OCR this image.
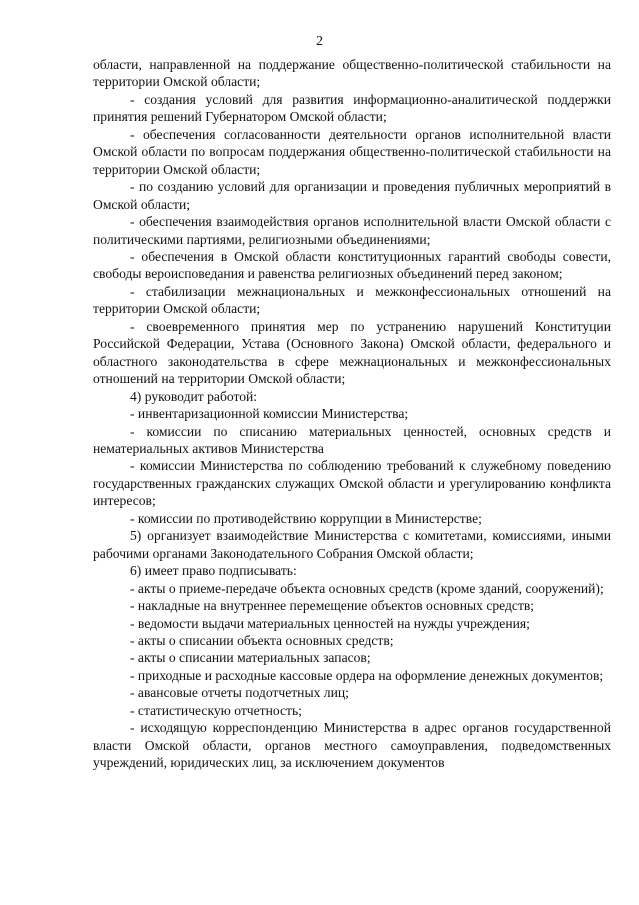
2

области, направленной на поддержание общественно-политической стабильности на территории Омской области;

- создания условий для развития информационно-аналитической поддержки принятия решений Губернатором Омской области;

- обеспечения согласованности деятельности органов исполнительной власти Омской области по вопросам поддержания общественно-политической стабильности на территории Омской области;

- по созданию условий для организации и проведения публичных мероприятий в Омской области;

- обеспечения взаимодействия органов исполнительной власти Омской области с политическими партиями, религиозными объединениями;

- обеспечения в Омской области конституционных гарантий свободы совести, свободы вероисповедания и равенства религиозных объединений перед законом;

- стабилизации межнациональных и межконфессиональных отношений на территории Омской области;

- своевременного принятия мер по устранению нарушений Конституции Российской Федерации, Устава (Основного Закона) Омской области, федерального и областного законодательства в сфере межнациональных и межконфессиональных отношений на территории Омской области;

4) руководит работой:

- инвентаризационной комиссии Министерства;

- комиссии по списанию материальных ценностей, основных средств и нематериальных активов Министерства

- комиссии Министерства по соблюдению требований к служебному поведению государственных гражданских служащих Омской области и урегулированию конфликта интересов;

- комиссии по противодействию коррупции в Министерстве;

5) организует взаимодействие Министерства с комитетами, комиссиями, иными рабочими органами Законодательного Собрания Омской области;

6) имеет право подписывать:

- акты о приеме-передаче объекта основных средств (кроме зданий, сооружений);

- накладные на внутреннее перемещение объектов основных средств;

- ведомости выдачи материальных ценностей на нужды учреждения;

- акты о списании объекта основных средств;

- акты о списании материальных запасов;

- приходные и расходные кассовые ордера на оформление денежных документов;

- авансовые отчеты подотчетных лиц;

- статистическую отчетность;

- исходящую корреспонденцию Министерства в адрес органов государственной власти Омской области, органов местного самоуправления, подведомственных учреждений, юридических лиц, за исключением документов
